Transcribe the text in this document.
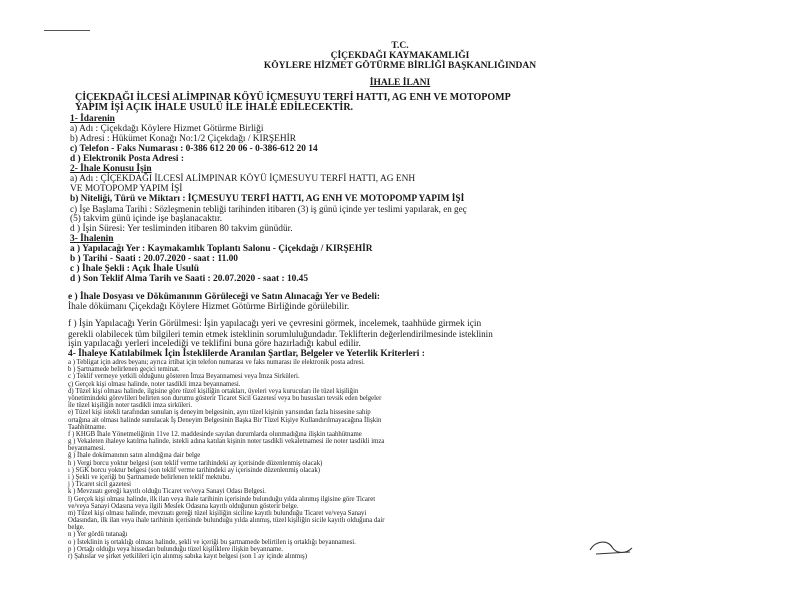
T.C.
ÇİÇEKDAĞI KAYMAKAMLIĞI
KÖYLERE HİZMET GÖTÜRME BİRLİĞİ BAŞKANLIĞINDAN
İHALE İLANI
ÇİÇEKDAĞI İLCESİ ALİMPINAR KÖYÜ İÇMESUYU TERFİ HATTI, AG ENH VE MOTOPOMP
YAPIM İŞİ AÇIK İHALE USULÜ İLE İHALE EDİLECEKTİR.
1- İdarenin
a) Adı : Çiçekdağı Köylere Hizmet Götürme Birliği
b) Adresi : Hükümet Konağı No:1/2 Çiçekdağı / KIRŞEHİR
c) Telefon - Faks Numarası : 0-386 612 20 06 - 0-386-612 20 14
d ) Elektronik Posta Adresi :
2- İhale Konusu İşin
a) Adı : ÇİÇEKDAĞI İLCESİ ALİMPINAR KÖYÜ İÇMESUYU TERFİ HATTI, AG ENH
VE MOTOPOMP YAPIM İŞİ
b) Niteliği, Türü ve Miktarı : İÇMESUYU TERFİ HATTI, AG ENH VE MOTOPOMP YAPIM İŞİ
c) İşe Başlama Tarihi : Sözleşmenin tebliği tarihinden itibaren (3) iş günü içinde yer teslimi yapılarak, en geç
(5) takvim günü içinde işe başlanacaktır.
d ) İşin Süresi: Yer tesliminden itibaren 80 takvim günüdür.
3- İhalenin
a ) Yapılacağı Yer : Kaymakamlık Toplantı Salonu - Çiçekdağı / KIRŞEHİR
b ) Tarihi - Saati : 20.07.2020 - saat : 11.00
c ) İhale Şekli : Açık İhale Usulü
d ) Son Teklif Alma Tarih ve Saati : 20.07.2020 - saat : 10.45
e ) İhale Dosyası ve Dökümanının Görüleceği ve Satın Alınacağı Yer ve Bedeli:
İhale dökümanı Çiçekdağı Köylere Hizmet Götürme Birliğinde görülebilir.
f ) İşin Yapılacağı Yerin Görülmesi: İşin yapılacağı yeri ve çevresini görmek, incelemek, taahhüde girmek için
gerekli olabilecek tüm bilgileri temin etmek isteklinin sorumluluğundadır. Teklifterin değerlendirilmesinde isteklinin
işin yapılacağı yerleri incelediği ve teklifini buna göre hazırladığı kabul edilir.
4- İhaleye Katılabilmek İçin İsteklilerde Aranılan Şartlar, Belgeler ve Yeterlik Kriterleri :
a ) Tebligat için adres beyanı; ayrıca irtibat için telefon numarası ve faks numarası ile elektronik posta adresi.
b ) Şartnamede belirlenen geçici teminat.
c ) Teklif vermeye yetkili olduğunu gösteren İmza Beyannamesi veya İmza Sirküleri.
ç) Gerçek kişi olması halinde, noter tasdikli imza beyannamesi.
d) Tüzel kişi olması halinde, ilgisine göre tüzel kişiliğin ortakları, üyeleri veya kurucuları ile tüzel kişiliğin
yönetimindeki görevlileri belirten son durumu gösterir Ticaret Sicil Gazetesi veya bu hususları tevsik eden belgeler
ile tüzel kişiliğin noter tasdikli imza sirküleri.
e) Tüzel kişi istekli tarafından sunulan iş deneyim belgesinin, aynı tüzel kişinin yarısından fazla hissesine sahip
ortağına ait olması halinde sunulacak İş Deneyim Belgesinin Başka Bir Tüzel Kişiye Kullandırılmayacağına İlişkin
Taahhütname.
f ) KHGB İhale Yönetmeliğinin 11ve 12. maddesinde sayılan durumlarda olunmadığına ilişkin taahhütname
g ) Vekaleten ihaleye katılma halinde, istekli adına katılan kişinin noter tasdikli vekaletnamesi ile noter tasdikli imza
beyannamesi.
ğ ) İhale dokümanının satın alındığına dair belge
h ) Vergi borcu yoktur belgesi (son teklif verme tarihindeki ay içerisinde düzenlenmiş olacak)
ı ) SGK borcu yoktur belgesi (son teklif verme tarihindeki ay içerisinde düzenlenmiş olacak)
i ) Şekli ve içeriği bu Şartnamede belirlenen teklif mektubu.
j ) Ticaret sicil gazetesi
k ) Mevzuatı gereği kayıtlı olduğu Ticaret ve/veya Sanayi Odası Belgesi.
l) Gerçek kişi olması halinde, ilk ilan veya ihale tarihinin içerisinde bulunduğu yılda alınmış ilgisine göre Ticaret
ve/veya Sanayi Odasına veya ilgili Meslek Odasına kayıtlı olduğunun gösterir belge.
m) Tüzel kişi olması halinde, mevzuatı gereği tüzel kişiliğin siciline kayıtlı bulunduğu Ticaret ve/veya Sanayi
Odasından, ilk ilan veya ihale tarihinin içerisinde bulunduğu yılda alınmış, tüzel kişiliğin sicile kayıtlı olduğuna dair
belge.
n ) Yer gördü tutanağı
o ) İsteklinin iş ortaklığı olması halinde, şekli ve içeriği bu şartnamede belirtilen iş ortaklığı beyannamesi.
p ) Ortağı olduğu veya hissedarı bulunduğu tüzel kişiliklere ilişkin beyanname.
r) Şahıslar ve şirket yetkilileri için alınmış sabıka kayıt belgesi (son 1 ay içinde alınmış)
